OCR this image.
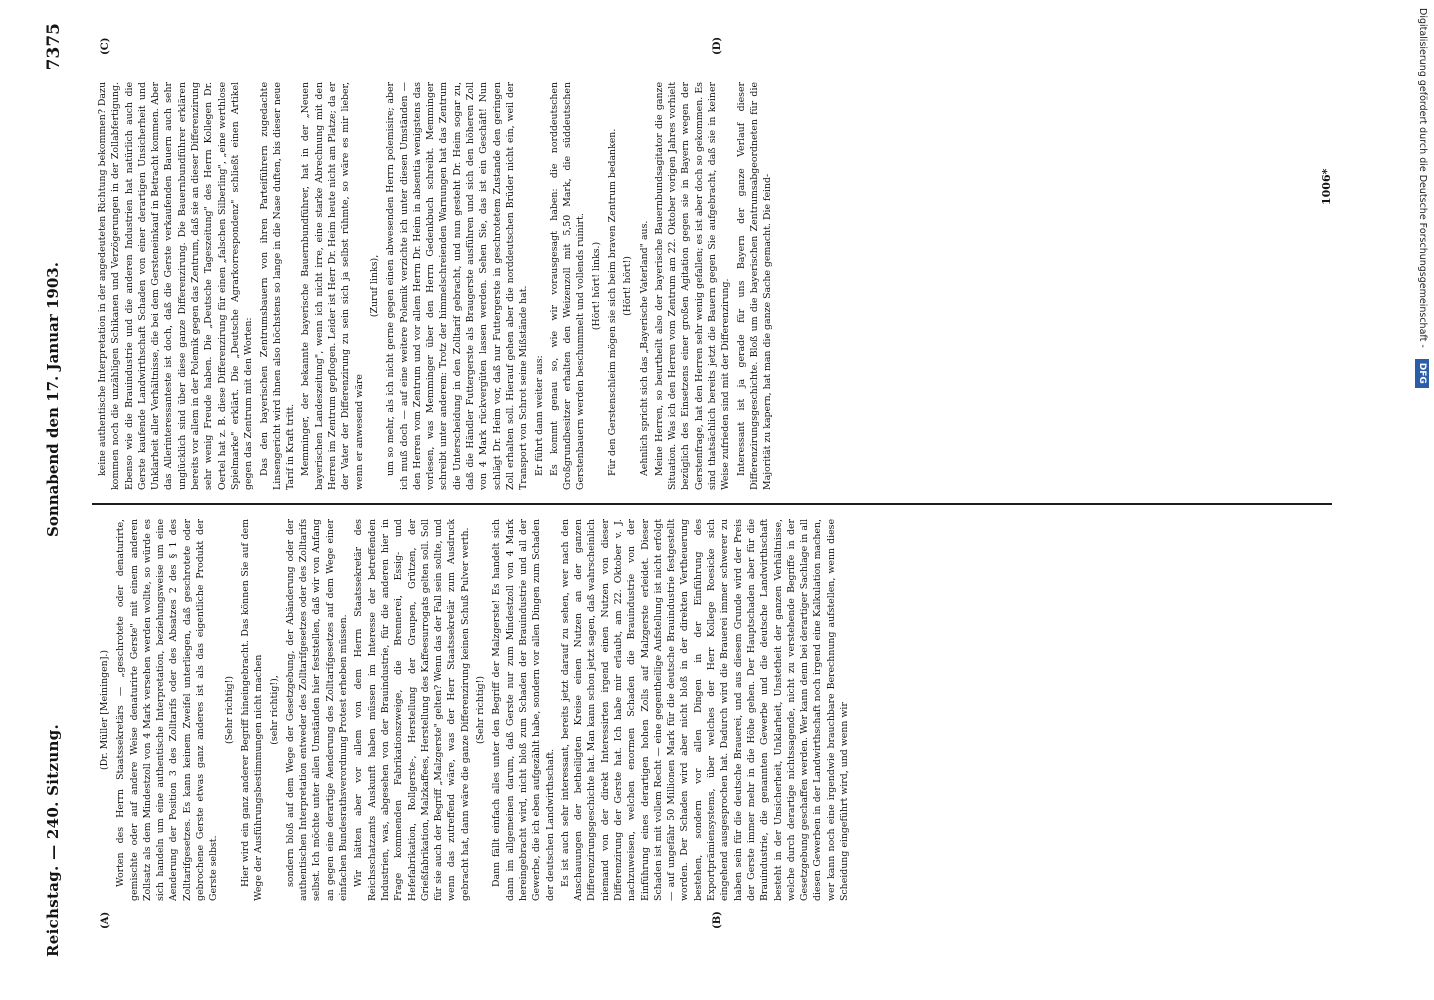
Reichstag. — 240. Sitzung.
Sonnabend den 17. Januar 1903.
7375
(A)	(B)
(C)	(D)

(Dr. Müller [Meiningen].) Worten des Herrn Staatssekretärs — „geschrotete oder denaturirte, gemischte oder auf andere Weise denaturirte Gerste" mit einem anderen Zollsatz als dem Mindestzoll von 4 Mark versehen werden wollte, so würde es sich handeln um eine authentische Interpretation, beziehungsweise um eine Aenderung der Position 3 des Zolltarifs oder des Absatzes 2 des § 1 des Zolltarifgesetzes. Es kann keinem Zweifel unterliegen, daß geschrotete oder gebrochene Gerste etwas ganz anderes ist als das eigentliche Produkt der Gerste selbst.

(Sehr richtig!) Hier wird ein ganz anderer Begriff hineingebracht. Das können Sie auf dem Wege der Ausführungsbestimmungen nicht machen (sehr richtig!), sondern bloß auf dem Wege der Gesetzgebung, der Abänderung oder der authentischen Interpretation entweder des Zolltarifgesetzes oder des Zolltarifs selbst. Ich möchte unter allen Umständen hier feststellen, daß wir von Anfang an gegen eine derartige Aenderung des Zolltarifgesetzes auf dem Wege einer einfachen Bundesrathsverordnung Protest erheben müssen. Wir hätten aber vor allem von dem Herrn Staatssekretär des Reichsschatzamts Auskunft haben müssen im Interesse der betreffenden Industrien, was, abgesehen von der Brauindustrie, für die anderen hier in Frage kommenden Fabrikationszweige, die Brennerei, Essig- und Hefefabrikation, Rollgerste-, Herstellung der Graupen, Grützen, der Grießfabrikation, Malzkaffees, Herstellung des Kaffeesurrogats gelten soll. Soll für sie auch der Begriff „Malzgerste" gelten? Wenn das der Fall sein sollte, und wenn das zutreffend wäre, was der Herr Staatssekretär zum Ausdruck gebracht hat, dann wäre die ganze Differenzirung keinen Schuß Pulver werth. (Sehr richtig!) Dann fällt einfach alles unter den Begriff der Malzgerste! Es handelt sich dann im allgemeinen darum, daß Gerste nur zum Mindestzoll von 4 Mark hereingebracht wird, nicht bloß zum Schaden der Brauindustrie und all der Gewerbe, die ich eben aufgezählt habe, sondern vor allen Dingen zum Schaden der deutschen Landwirthschaft. Es ist auch sehr interessant, bereits jetzt darauf zu sehen, wer nach den Anschauungen der betheiligten Kreise einen Nutzen an der ganzen Differenzirungsgeschichte hat. Man kann schon jetzt sagen, daß wahrscheinlich niemand von der direkt Interessirten irgend einen Nutzen von dieser Differenzirung der Gerste hat. Ich habe mir erlaubt, am 22. Oktober v. J. nachzuweisen, welchen enormen Schaden die Brauindustrie von der Einführung eines derartigen hohen Zolls auf Malzgerste erleidet. Dieser Schaden ist mit vollem Recht — eine gegentheilige Aufstellung ist nicht erfolgt — auf ungefähr 50 Millionen Mark für die deutsche Brauindustrie festgestellt worden. Der Schaden wird aber nicht bloß in der direkten Vertheuerung bestehen, sondern vor allen Dingen in der Einführung des Exportprämiensystems, über welches der Herr Kollege Roesicke sich eingehend ausgesprochen hat. Dadurch wird die Brauerei immer schwerer zu haben sein für die deutsche Brauerei, und aus diesem Grunde wird der Preis der Gerste immer mehr in die Höhe gehen. Der Hauptschaden aber für die Brauindustrie, die genannten Gewerbe und die deutsche Landwirthschaft besteht in der Unsicherheit, Unklarheit, Unstetheit der ganzen Verhältnisse, welche durch derartige nichtssagende, nicht zu verstehende Begriffe in der Gesetzgebung geschaffen werden. Wer kann denn bei derartiger Sachlage in all diesen Gewerben in der Landwirthschaft noch irgend eine Kalkulation machen, wer kann noch eine irgendwie brauchbare Berechnung aufstellen, wenn diese Scheidung eingeführt wird, und wenn wir

keine authentische Interpretation in der angedeuteten Richtung bekommen? Dazu kommen noch die unzähligen Schikanen und Verzögerungen in der Zollabfertigung. Ebenso wie die Brauindustrie und die anderen Industrien hat natürlich auch die Gerste kaufende Landwirthschaft Schaden von einer derartigen Unsicherheit und Unklarheit aller Verhältnisse, die bei dem Gersteneinkauf in Betracht kommen. Aber das Allerinteressanteste ist doch, daß die Gerste verkaufenden Bauern auch sehr unglücklich sind über diese ganze Differenzirung. Die Bauernbundführer erklären bereits vor allem in der Polemik gegen das Zentrum, daß sie an dieser Differenzirung sehr wenig Freude haben. Die „Deutsche Tageszeitung" des Herrn Kollegen Dr. Oertel hat z. B. diese Differenzirung für einen „falschen Silberling", „eine werthlose Spielmarke" erklärt. Die „Deutsche Agrarkorrespondenz" schließt einen Artikel gegen das Zentrum mit den Worten: Das den bayerischen Zentrumsbauern von ihren Parteiführern zugedachte Linsengericht wird ihnen also höchstens so lange in die Nase duften, bis dieser neue Tarif in Kraft tritt. Memminger, der bekannte bayerische Bauernbundführer, hat in der „Neuen bayerischen Landeszeitung", wenn ich nicht irre, eine starke Abrechnung mit den Herren im Zentrum gepflogen. Leider ist Herr Dr. Heim heute nicht am Platze; da er der Vater der Differenzirung zu sein sich ja selbst rühmte, so wäre es mir lieber, wenn er anwesend wäre

(Zuruf links), um so mehr, als ich nicht gerne gegen einen abwesenden Herrn polemisire; aber ich muß doch — auf eine weitere Polemik verzichte ich unter diesen Umständen — den Herren vom Zentrum und vor allem Herrn Dr. Heim in absentia wenigstens das vorlesen, was Memminger über den Herrn Gedenkbuch schreibt. Memminger schreibt unter anderem: Trotz der himmelschreienden Warnungen hat das Zentrum die Unterscheidung in den Zolltarif gebracht, und nun gesteht Dr. Heim sogar zu, daß die Händler Futtergerste als Braugerste ausführen und sich den höheren Zoll von 4 Mark rückvergüten lassen werden. Sehen Sie, das ist ein Geschäft! Nun schlägt Dr. Heim vor, daß nur Futtergerste in geschrotetem Zustande den geringen Zoll erhalten soll. Hierauf gehen aber die norddeutschen Brüder nicht ein, weil der Transport von Schrot seine Mißstände hat. Er führt dann weiter aus: Es kommt genau so, wie wir vorausgesagt haben: die norddeutschen Großgrundbesitzer erhalten den Weizenzoll mit 5,50 Mark, die süddeutschen Gerstenbauern werden beschummelt und vollends ruinirt. (Hört! hört! links.) Für den Gerstenschleim mögen sie sich beim braven Zentrum bedanken. (Hört! hört!) Aehnlich spricht sich das „Bayerische Vaterland" aus. Meine Herren, so beurtheilt also der bayerische Bauernbundsagitator die ganze Situation. Was ich den Herren vom Zentrum am 22. Oktober vorigen Jahres vorhielt bezüglich des Einsetzens einer großen Agitation gegen sie in Bayern wegen der Gerstenfrage, hat den Herren sehr wenig gefallen; es ist aber doch so gekommen. Es sind thatsächlich bereits jetzt die Bauern gegen Sie aufgebracht, daß sie in keiner Weise zufrieden sind mit der Differenzirung. Interessant ist ja gerade für uns Bayern der ganze Verlauf dieser Differenzirungsgeschichte. Bloß um die bayerischen Zentrumsabgeordneten für die Majorität zu kapern, hat man die ganze Sache gemacht. Die feind-	1006*	Digitalisierung gefördert durch die Deutsche Forschungsgemeinschaft - DFG
